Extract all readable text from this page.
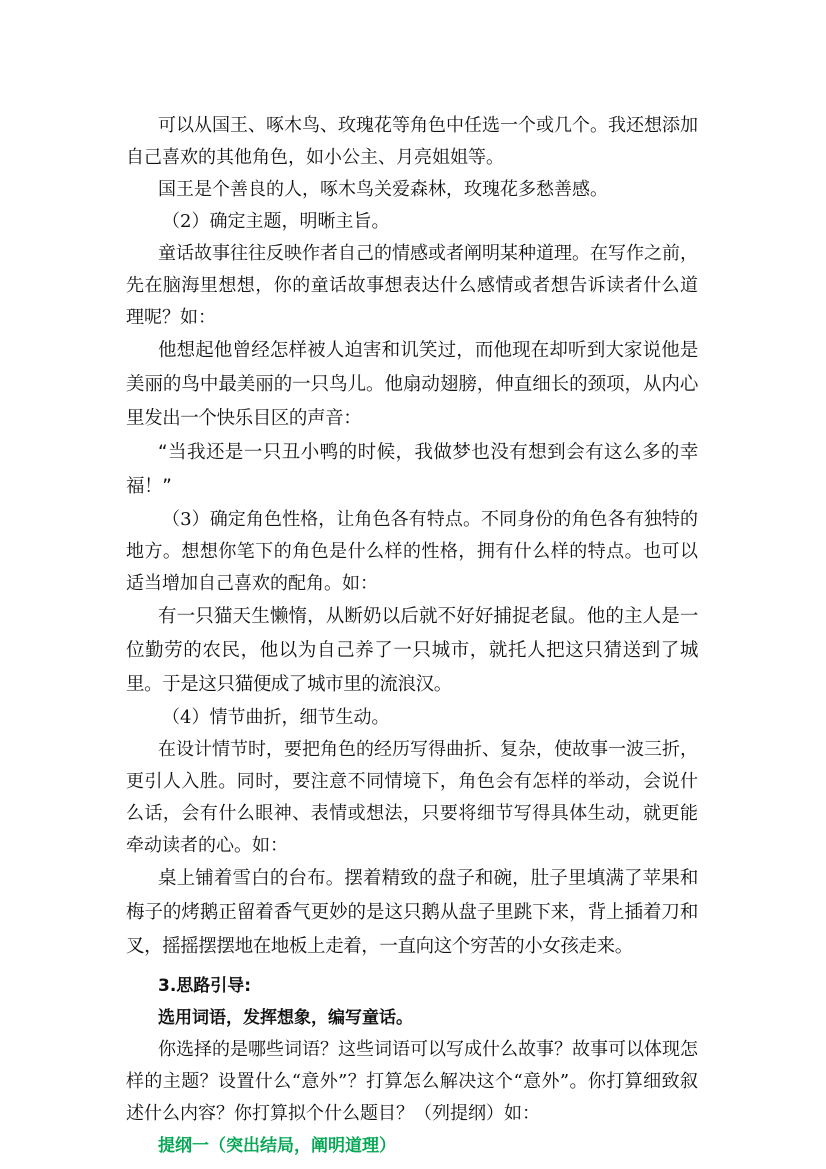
可以从国王、啄木鸟、玫瑰花等角色中任选一个或几个。我还想添加自己喜欢的其他角色，如小公主、月亮姐姐等。

国王是个善良的人，啄木鸟关爱森林，玫瑰花多愁善感。

（2）确定主题，明晰主旨。

童话故事往往反映作者自己的情感或者阐明某种道理。在写作之前，先在脑海里想想，你的童话故事想表达什么感情或者想告诉读者什么道理呢？如：

他想起他曾经怎样被人迫害和讥笑过，而他现在却听到大家说他是美丽的鸟中最美丽的一只鸟儿。他扇动翅膀，伸直细长的颈项，从内心里发出一个快乐目区的声音：

“当我还是一只丑小鸭的时候，我做梦也没有想到会有这么多的幸福！”

（3）确定角色性格，让角色各有特点。不同身份的角色各有独特的地方。想想你笔下的角色是什么样的性格，拥有什么样的特点。也可以适当增加自己喜欢的配角。如：

有一只猫天生懒惰，从断奶以后就不好好捕捉老鼠。他的主人是一位勤劳的农民，他以为自己养了一只城市，就托人把这只猜送到了城里。于是这只猫便成了城市里的流浪汉。

（4）情节曲折，细节生动。

在设计情节时，要把角色的经历写得曲折、复杂，使故事一波三折，更引人入胜。同时，要注意不同情境下，角色会有怎样的举动，会说什么话，会有什么眼神、表情或想法，只要将细节写得具体生动，就更能牵动读者的心。如：

桌上铺着雪白的台布。摆着精致的盘子和碗，肚子里填满了苹果和梅子的烤鹅正留着香气更妙的是这只鹅从盘子里跳下来，背上插着刀和叉，摇摇摆摆地在地板上走着，一直向这个穷苦的小女孩走来。

3.思路引导:

选用词语，发挥想象，编写童话。

你选择的是哪些词语？这些词语可以写成什么故事？故事可以体现怎样的主题？设置什么“意外”？打算怎么解决这个“意外”。你打算细致叙述什么内容？你打算拟个什么题目？（列提纲）如：

提纲一（突出结局，阐明道理）
